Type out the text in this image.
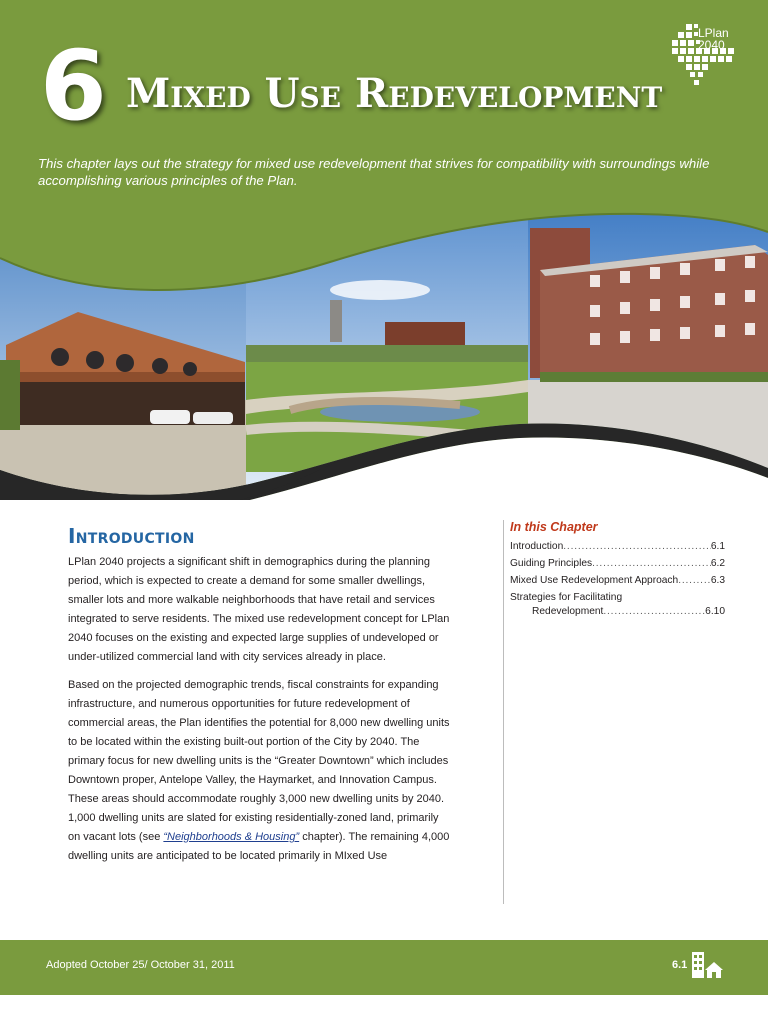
6 Mixed Use Redevelopment
This chapter lays out the strategy for mixed use redevelopment that strives for compatibility with surroundings while accomplishing various principles of the Plan.
LPlan
2040
Introduction

LPlan 2040 projects a significant shift in demographics during the planning period, which is expected to create a demand for some smaller dwellings, smaller lots and more walkable neighborhoods that have retail and services integrated to serve residents. The mixed use redevelopment concept for LPlan 2040 focuses on the existing and expected large supplies of undeveloped or under-utilized commercial land with city services already in place.

Based on the projected demographic trends, fiscal constraints for expanding infrastructure, and numerous opportunities for future redevelopment of commercial areas, the Plan identifies the potential for 8,000 new dwelling units to be located within the existing built-out portion of the City by 2040. The primary focus for new dwelling units is the “Greater Downtown” which includes Downtown proper, Antelope Valley, the Haymarket, and Innovation Campus. These areas should accommodate roughly 3,000 new dwelling units by 2040. 1,000 dwelling units are slated for existing residentially-zoned land, primarily on vacant lots (see “Neighborhoods & Housing” chapter). The remaining 4,000 dwelling units are anticipated to be located primarily in MIxed Use

In this Chapter
Introduction . . .	6.1
Guiding Principles . . .	6.2
Mixed Use Redevelopment Approach . . .	6.3
Strategies for Facilitating
Redevelopment . . .	6.10
Adopted October 25/ October 31, 2011	6.1
